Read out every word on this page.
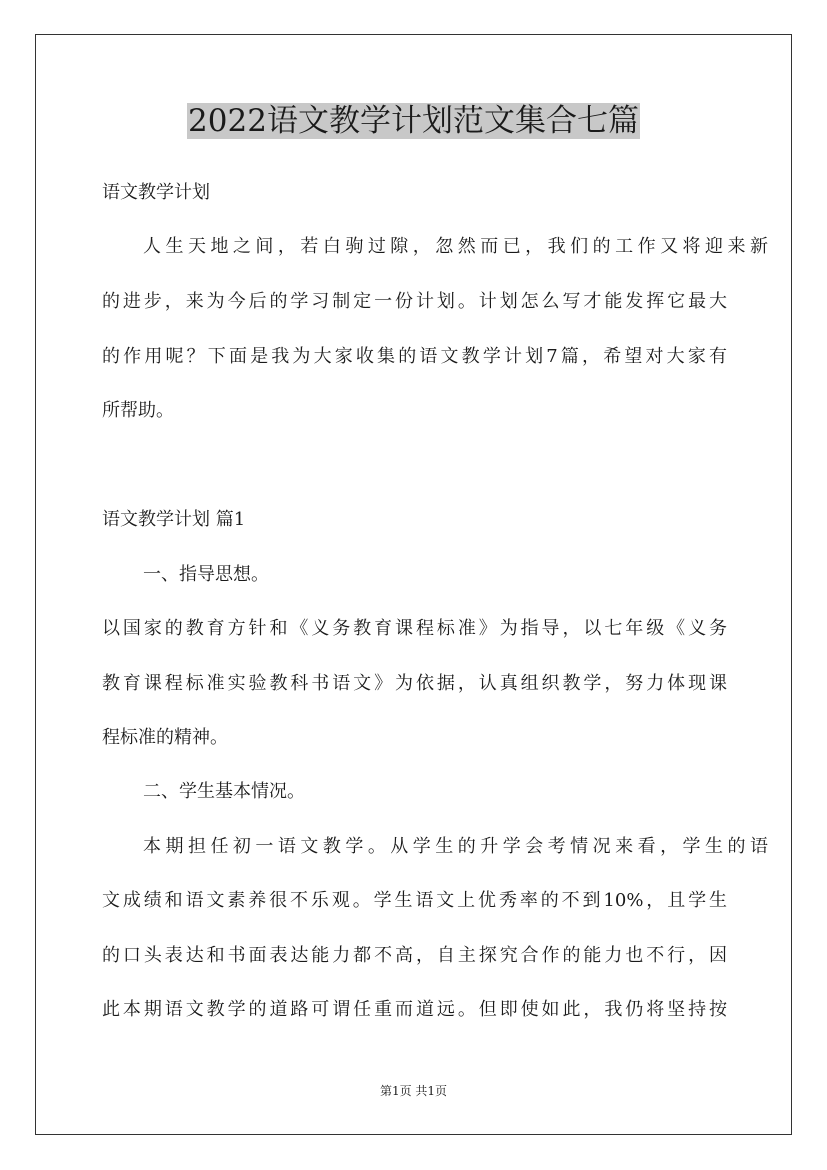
2022语文教学计划范文集合七篇

语文教学计划

人生天地之间，若白驹过隙，忽然而已，我们的工作又将迎来新

的进步，来为今后的学习制定一份计划。计划怎么写才能发挥它最大

的作用呢？下面是我为大家收集的语文教学计划7篇，希望对大家有

所帮助。

语文教学计划 篇1

一、指导思想。

以国家的教育方针和《义务教育课程标准》为指导，以七年级《义务

教育课程标准实验教科书语文》为依据，认真组织教学，努力体现课

程标准的精神。

二、学生基本情况。

本期担任初一语文教学。从学生的升学会考情况来看，学生的语

文成绩和语文素养很不乐观。学生语文上优秀率的不到10%，且学生

的口头表达和书面表达能力都不高，自主探究合作的能力也不行，因

此本期语文教学的道路可谓任重而道远。但即使如此，我仍将坚持按

第1页 共1页
